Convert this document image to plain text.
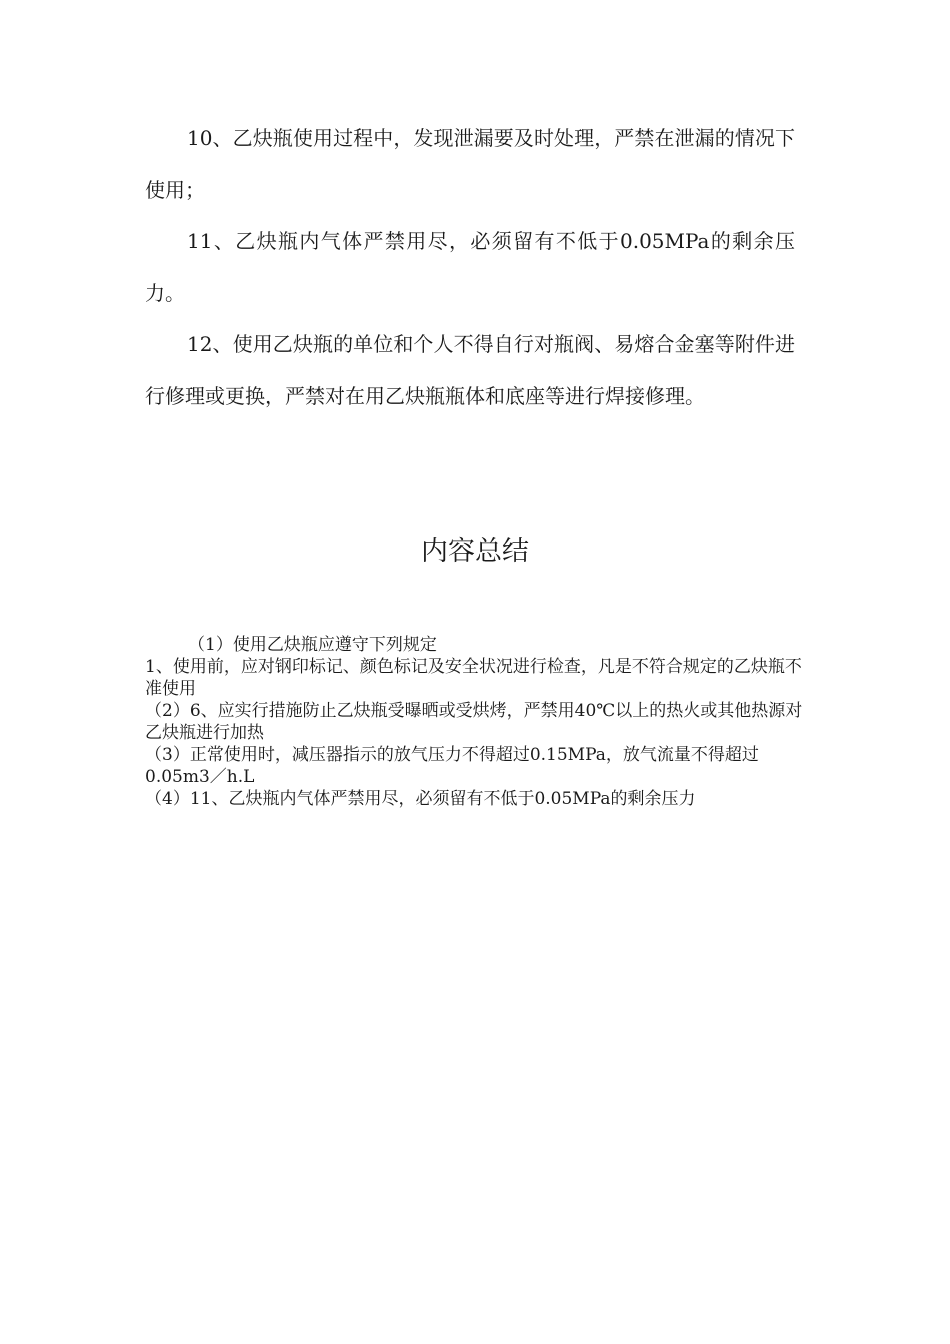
10、乙炔瓶使用过程中，发现泄漏要及时处理，严禁在泄漏的情况下使用；

11、乙炔瓶内气体严禁用尽，必须留有不低于0.05MPa的剩余压力。

12、使用乙炔瓶的单位和个人不得自行对瓶阀、易熔合金塞等附件进行修理或更换，严禁对在用乙炔瓶瓶体和底座等进行焊接修理。

内容总结

（1）使用乙炔瓶应遵守下列规定

1、使用前，应对钢印标记、颜色标记及安全状况进行检查，凡是不符合规定的乙炔瓶不准使用

（2）6、应实行措施防止乙炔瓶受曝晒或受烘烤，严禁用40℃以上的热火或其他热源对乙炔瓶进行加热

（3）正常使用时，减压器指示的放气压力不得超过0.15MPa，放气流量不得超过0.05m3／h.L

（4）11、乙炔瓶内气体严禁用尽，必须留有不低于0.05MPa的剩余压力
